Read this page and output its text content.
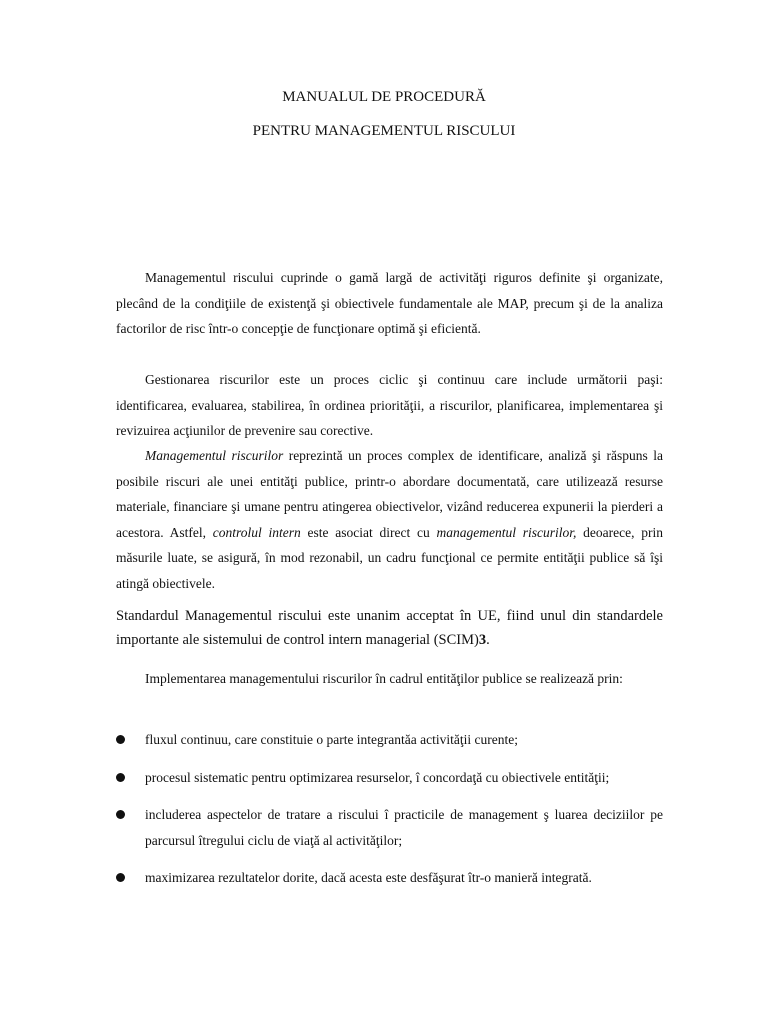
MANUALUL DE PROCEDURĂ
PENTRU MANAGEMENTUL RISCULUI

Managementul riscului cuprinde o gamă largă de activităţi riguros definite şi organizate, plecând de la condiţiile de existenţă şi obiectivele fundamentale ale MAP, precum şi de la analiza factorilor de risc într-o concepţie de funcţionare optimă şi eficientă.

Gestionarea riscurilor este un proces ciclic şi continuu care include următorii paşi: identificarea, evaluarea, stabilirea, în ordinea priorităţii, a riscurilor, planificarea, implementarea şi revizuirea acţiunilor de prevenire sau corective.

Managementul riscurilor reprezintă un proces complex de identificare, analiză şi răspuns la posibile riscuri ale unei entităţi publice, printr-o abordare documentată, care utilizează resurse materiale, financiare şi umane pentru atingerea obiectivelor, vizând reducerea expunerii la pierderi a acestora. Astfel, controlul intern este asociat direct cu managementul riscurilor, deoarece, prin măsurile luate, se asigură, în mod rezonabil, un cadru funcţional ce permite entităţii publice să îşi atingă obiectivele.

Standardul Managementul riscului este unanim acceptat în UE, fiind unul din standardele importante ale sistemului de control intern managerial (SCIM)3.

Implementarea managementului riscurilor în cadrul entităţilor publice se realizează prin:

fluxul continuu, care constituie o parte integrantăa activităţii curente;
procesul sistematic pentru optimizarea resurselor, î concordaţă cu obiectivele entităţii;
includerea aspectelor de tratare a riscului î practicile de management ş luarea deciziilor pe parcursul îtregului ciclu de viaţă al activităţilor;
maximizarea rezultatelor dorite, dacă acesta este desfăşurat îtr-o manieră integrată.
